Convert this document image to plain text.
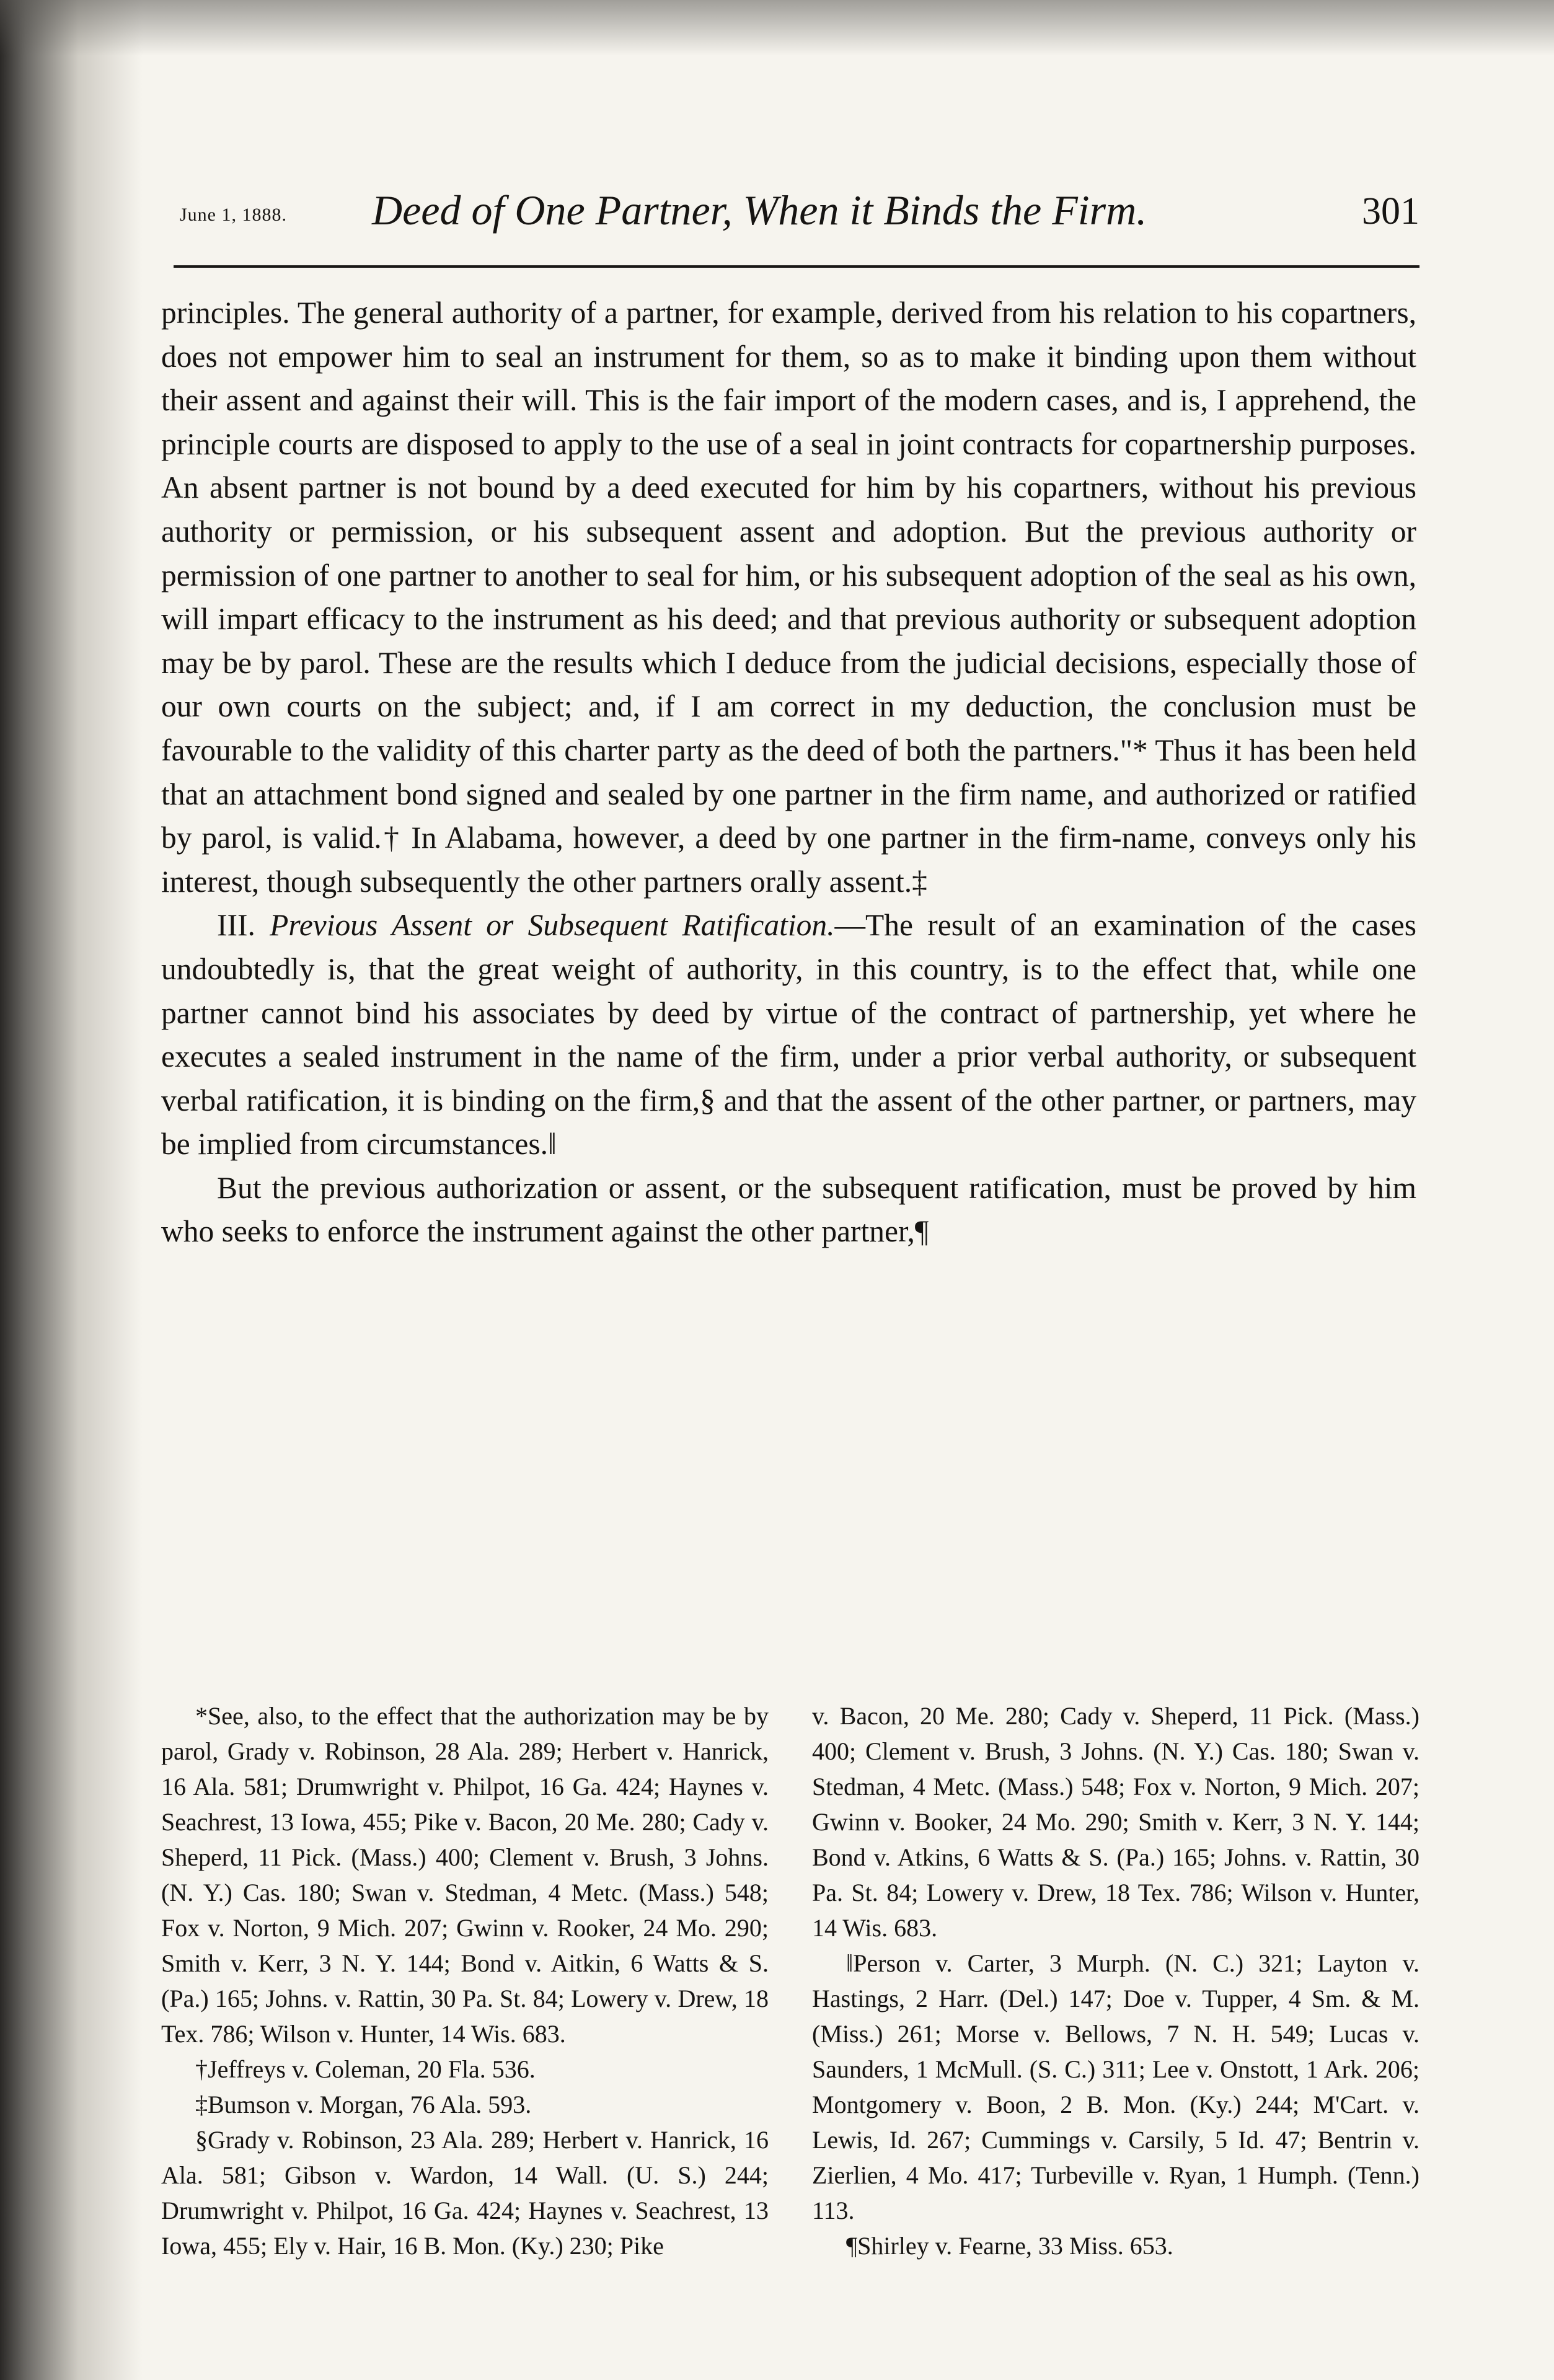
June 1, 1888. Deed of One Partner, When it Binds the Firm.	301

principles. The general authority of a partner, for example, derived from his relation to his copartners, does not empower him to seal an instrument for them, so as to make it binding upon them without their assent and against their will. This is the fair import of the modern cases, and is, I apprehend, the principle courts are disposed to apply to the use of a seal in joint contracts for copartnership purposes. An absent partner is not bound by a deed executed for him by his copartners, without his previous authority or permission, or his subsequent assent and adoption. But the previous authority or permission of one partner to another to seal for him, or his subsequent adoption of the seal as his own, will impart efficacy to the instrument as his deed; and that previous authority or subsequent adoption may be by parol. These are the results which I deduce from the judicial decisions, especially those of our own courts on the subject; and, if I am correct in my deduction, the conclusion must be favourable to the validity of this charter party as the deed of both the partners."* Thus it has been held that an attachment bond signed and sealed by one partner in the firm name, and authorized or ratified by parol, is valid.† In Alabama, however, a deed by one partner in the firm-name, conveys only his interest, though subsequently the other partners orally assent.‡

III. Previous Assent or Subsequent Ratification.—The result of an examination of the cases undoubtedly is, that the great weight of authority, in this country, is to the effect that, while one partner cannot bind his associates by deed by virtue of the contract of partnership, yet where he executes a sealed instrument in the name of the firm, under a prior verbal authority, or subsequent verbal ratification, it is binding on the firm,§ and that the assent of the other partner, or partners, may be implied from circumstances.‖

But the previous authorization or assent, or the subsequent ratification, must be proved by him who seeks to enforce the instrument against the other partner,¶

*See, also, to the effect that the authorization may be by parol, Grady v. Robinson, 28 Ala. 289; Herbert v. Hanrick, 16 Ala. 581; Drumwright v. Philpot, 16 Ga. 424; Haynes v. Seachrest, 13 Iowa, 455; Pike v. Bacon, 20 Me. 280; Cady v. Sheperd, 11 Pick. (Mass.) 400; Clement v. Brush, 3 Johns. (N. Y.) Cas. 180; Swan v. Stedman, 4 Metc. (Mass.) 548; Fox v. Norton, 9 Mich. 207; Gwinn v. Rooker, 24 Mo. 290; Smith v. Kerr, 3 N. Y. 144; Bond v. Aitkin, 6 Watts & S. (Pa.) 165; Johns. v. Rattin, 30 Pa. St. 84; Lowery v. Drew, 18 Tex. 786; Wilson v. Hunter, 14 Wis. 683.

†Jeffreys v. Coleman, 20 Fla. 536.

‡Bumson v. Morgan, 76 Ala. 593.

§Grady v. Robinson, 23 Ala. 289; Herbert v. Hanrick, 16 Ala. 581; Gibson v. Wardon, 14 Wall. (U. S.) 244; Drumwright v. Philpot, 16 Ga. 424; Haynes v. Seachrest, 13 Iowa, 455; Ely v. Hair, 16 B. Mon. (Ky.) 230; Pike

v. Bacon, 20 Me. 280; Cady v. Sheperd, 11 Pick. (Mass.) 400; Clement v. Brush, 3 Johns. (N. Y.) Cas. 180; Swan v. Stedman, 4 Metc. (Mass.) 548; Fox v. Norton, 9 Mich. 207; Gwinn v. Booker, 24 Mo. 290; Smith v. Kerr, 3 N. Y. 144; Bond v. Atkins, 6 Watts & S. (Pa.) 165; Johns. v. Rattin, 30 Pa. St. 84; Lowery v. Drew, 18 Tex. 786; Wilson v. Hunter, 14 Wis. 683.

‖Person v. Carter, 3 Murph. (N. C.) 321; Layton v. Hastings, 2 Harr. (Del.) 147; Doe v. Tupper, 4 Sm. & M. (Miss.) 261; Morse v. Bellows, 7 N. H. 549; Lucas v. Saunders, 1 McMull. (S. C.) 311; Lee v. Onstott, 1 Ark. 206; Montgomery v. Boon, 2 B. Mon. (Ky.) 244; M'Cart. v. Lewis, Id. 267; Cummings v. Carsily, 5 Id. 47; Bentrin v. Zierlien, 4 Mo. 417; Turbeville v. Ryan, 1 Humph. (Tenn.) 113.

¶Shirley v. Fearne, 33 Miss. 653.
